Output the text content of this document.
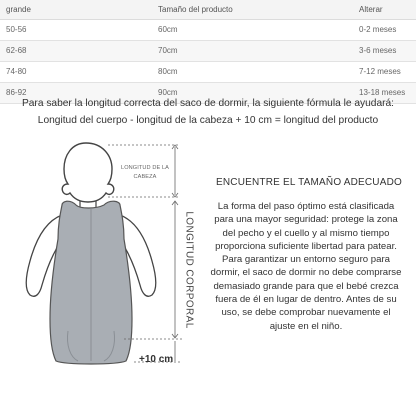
grande	Tamaño del producto	Alterar
50-56	60cm	0-2 meses
62-68	70cm	3-6 meses
74-80	80cm	7-12 meses
86-92	90cm	13-18 meses
Para saber la longitud correcta del saco de dormir, la siguiente fórmula le ayudará:
Longitud del cuerpo - longitud de la cabeza + 10 cm = longitud del producto
LONGITUD DE LA
CABEZA
LONGITUD CORPORAL
+10 cm
ENCUENTRE EL TAMAÑO ADECUADO
La forma del paso óptimo está clasificada
para una mayor seguridad: protege la zona
del pecho y el cuello y al mismo tiempo
proporciona suficiente libertad para patear.
Para garantizar un entorno seguro para
dormir, el saco de dormir no debe comprarse
demasiado grande para que el bebé crezca
fuera de él en lugar de dentro. Antes de su
uso, se debe comprobar nuevamente el
ajuste en el niño.
